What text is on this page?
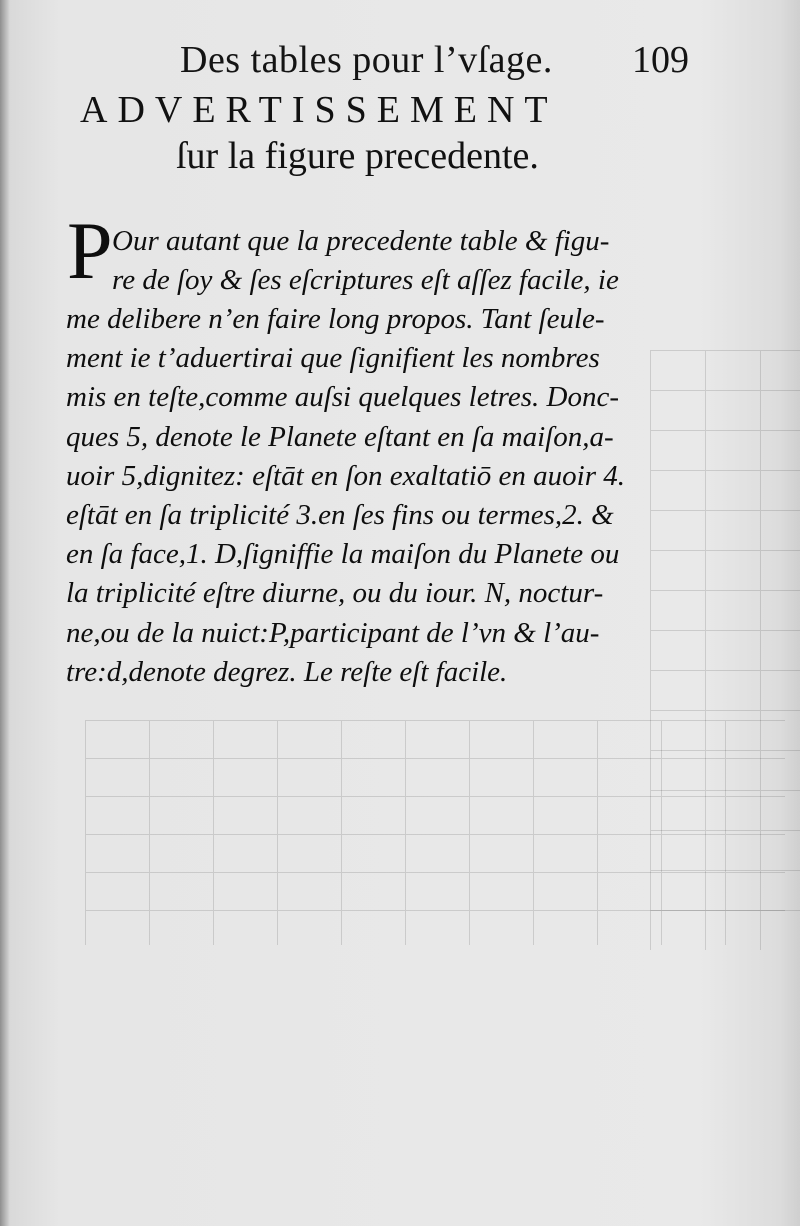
Des tables pour l’vſage. 109
ADVERTISSEMENT
ſur la figure precedente.
P Our autant que la precedente table & figu-
re de ſoy & ſes eſcriptures eſt aſſez facile, ie
me delibere n’en faire long propos. Tant ſeule-
ment ie t’aduertirai que ſignifient les nombres
mis en teſte,comme auſsi quelques letres. Donc-
ques 5, denote le Planete eſtant en ſa maiſon,a-
uoir 5,dignitez: eſtāt en ſon exaltatiō en auoir 4.
eſtāt en ſa triplicité 3.en ſes fins ou termes,2. &
en ſa face,1. D,ſigniffie la maiſon du Planete ou
la triplicité eſtre diurne, ou du iour. N, noctur-
ne,ou de la nuict:P,participant de l’vn & l’au-
tre:d,denote degrez. Le reſte eſt facile.
